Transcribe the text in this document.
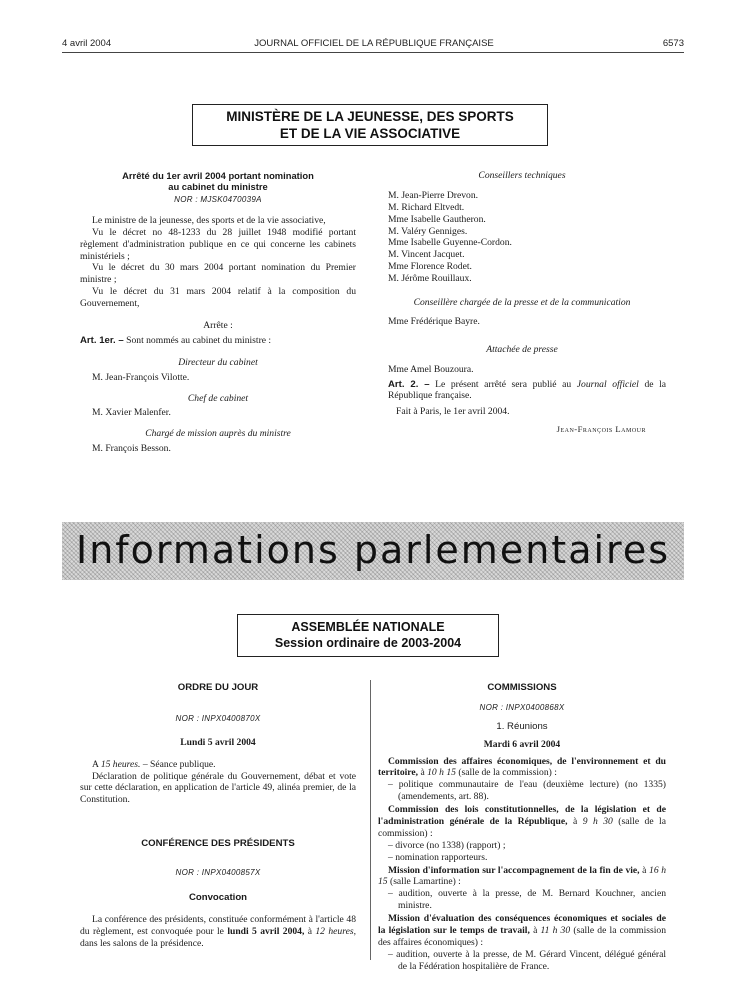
4 avril 2004	JOURNAL OFFICIEL DE LA RÉPUBLIQUE FRANÇAISE	6573
MINISTÈRE DE LA JEUNESSE, DES SPORTS
ET DE LA VIE ASSOCIATIVE
Arrêté du 1er avril 2004 portant nomination
au cabinet du ministre
NOR : MJSK0470039A

Le ministre de la jeunesse, des sports et de la vie associative,

Vu le décret no 48-1233 du 28 juillet 1948 modifié portant règlement d'administration publique en ce qui concerne les cabinets ministériels ;

Vu le décret du 30 mars 2004 portant nomination du Premier ministre ;

Vu le décret du 31 mars 2004 relatif à la composition du Gouvernement,

Arrête :

Art. 1er. – Sont nommés au cabinet du ministre :

Directeur du cabinet

M. Jean-François Vilotte.

Chef de cabinet

M. Xavier Malenfer.

Chargé de mission auprès du ministre

M. François Besson.

Conseillers techniques

M. Jean-Pierre Drevon.
M. Richard Eltvedt.
Mme Isabelle Gautheron.
M. Valéry Genniges.
Mme Isabelle Guyenne-Cordon.
M. Vincent Jacquet.
Mme Florence Rodet.
M. Jérôme Rouillaux.

Conseillère chargée de la presse et de la communication

Mme Frédérique Bayre.

Attachée de presse

Mme Amel Bouzoura.

Art. 2. – Le présent arrêté sera publié au Journal officiel de la République française.

Fait à Paris, le 1er avril 2004.

Jean-François Lamour

Informations parlementaires
ASSEMBLÉE NATIONALE
Session ordinaire de 2003-2004

ORDRE DU JOUR

NOR : INPX0400870X

Lundi 5 avril 2004

A 15 heures. – Séance publique.

Déclaration de politique générale du Gouvernement, débat et vote sur cette déclaration, en application de l'article 49, alinéa premier, de la Constitution.

CONFÉRENCE DES PRÉSIDENTS

NOR : INPX0400857X

Convocation

La conférence des présidents, constituée conformément à l'article 48 du règlement, est convoquée pour le lundi 5 avril 2004, à 12 heures, dans les salons de la présidence.

COMMISSIONS

NOR : INPX0400868X

1. Réunions

Mardi 6 avril 2004

Commission des affaires économiques, de l'environnement et du territoire, à 10 h 15 (salle de la commission) :

– politique communautaire de l'eau (deuxième lecture) (no 1335) (amendements, art. 88).

Commission des lois constitutionnelles, de la législation et de l'administration générale de la République, à 9 h 30 (salle de la commission) :

– divorce (no 1338) (rapport) ;

– nomination rapporteurs.

Mission d'information sur l'accompagnement de la fin de vie, à 16 h 15 (salle Lamartine) :

– audition, ouverte à la presse, de M. Bernard Kouchner, ancien ministre.

Mission d'évaluation des conséquences économiques et sociales de la législation sur le temps de travail, à 11 h 30 (salle de la commission des affaires économiques) :

– audition, ouverte à la presse, de M. Gérard Vincent, délégué général de la Fédération hospitalière de France.
